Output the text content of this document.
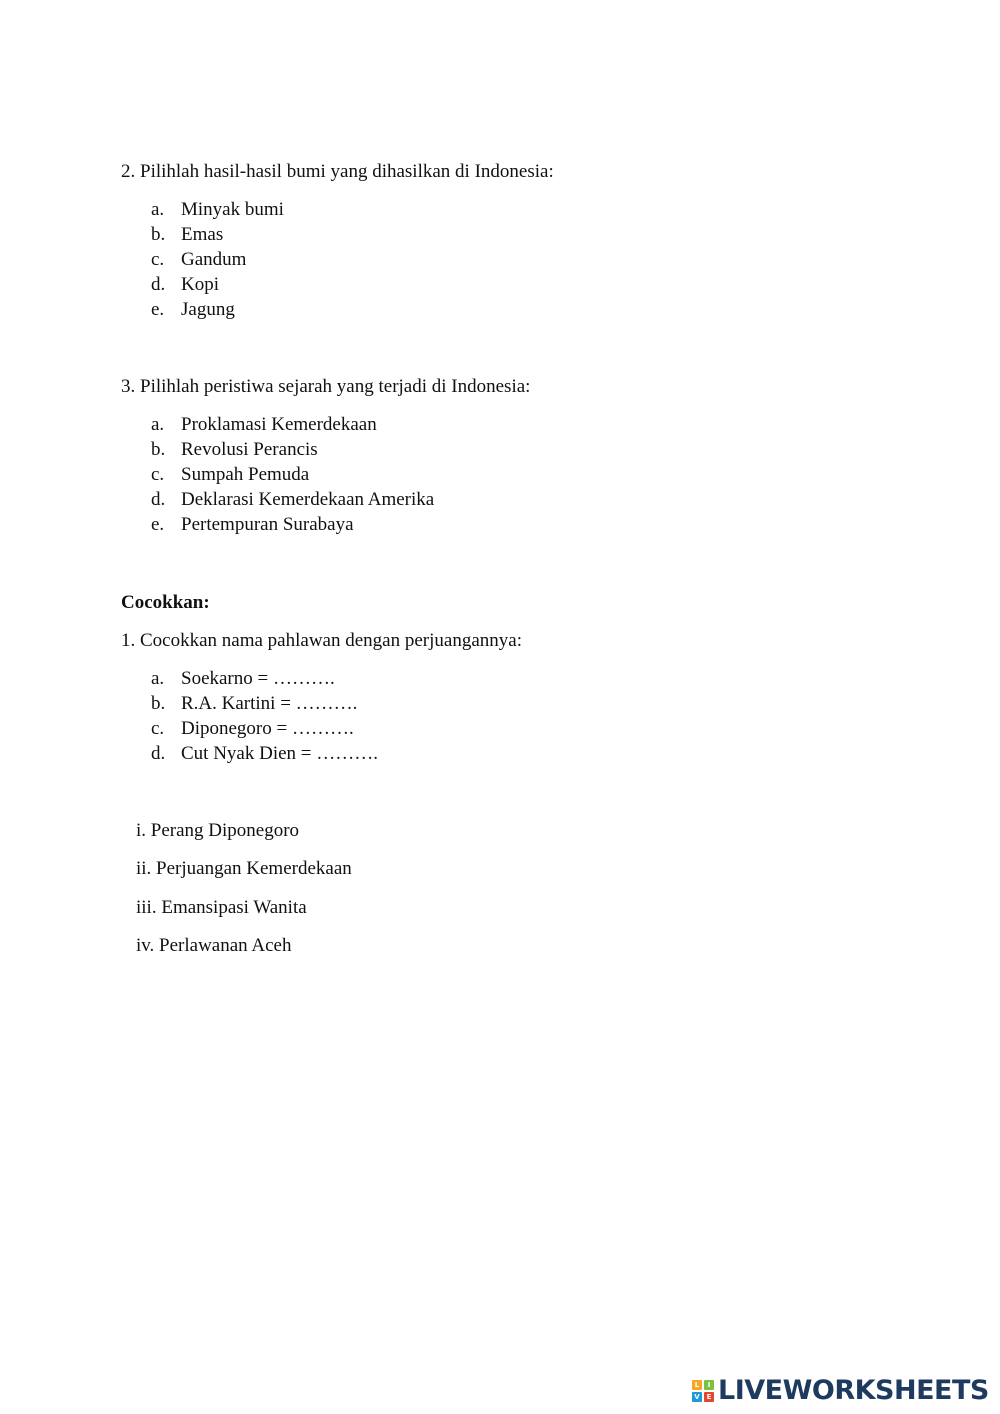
2. Pilihlah hasil-hasil bumi yang dihasilkan di Indonesia:
a. Minyak bumi
b. Emas
c. Gandum
d. Kopi
e. Jagung
3. Pilihlah peristiwa sejarah yang terjadi di Indonesia:
a. Proklamasi Kemerdekaan
b. Revolusi Perancis
c. Sumpah Pemuda
d. Deklarasi Kemerdekaan Amerika
e. Pertempuran Surabaya
Cocokkan:
1. Cocokkan nama pahlawan dengan perjuangannya:
a. Soekarno = ……….
b. R.A. Kartini = ……….
c. Diponegoro = ……….
d. Cut Nyak Dien = ……….
i. Perang Diponegoro
ii. Perjuangan Kemerdekaan
iii. Emansipasi Wanita
iv. Perlawanan Aceh
L	I
V E LIVEWORKSHEETS
